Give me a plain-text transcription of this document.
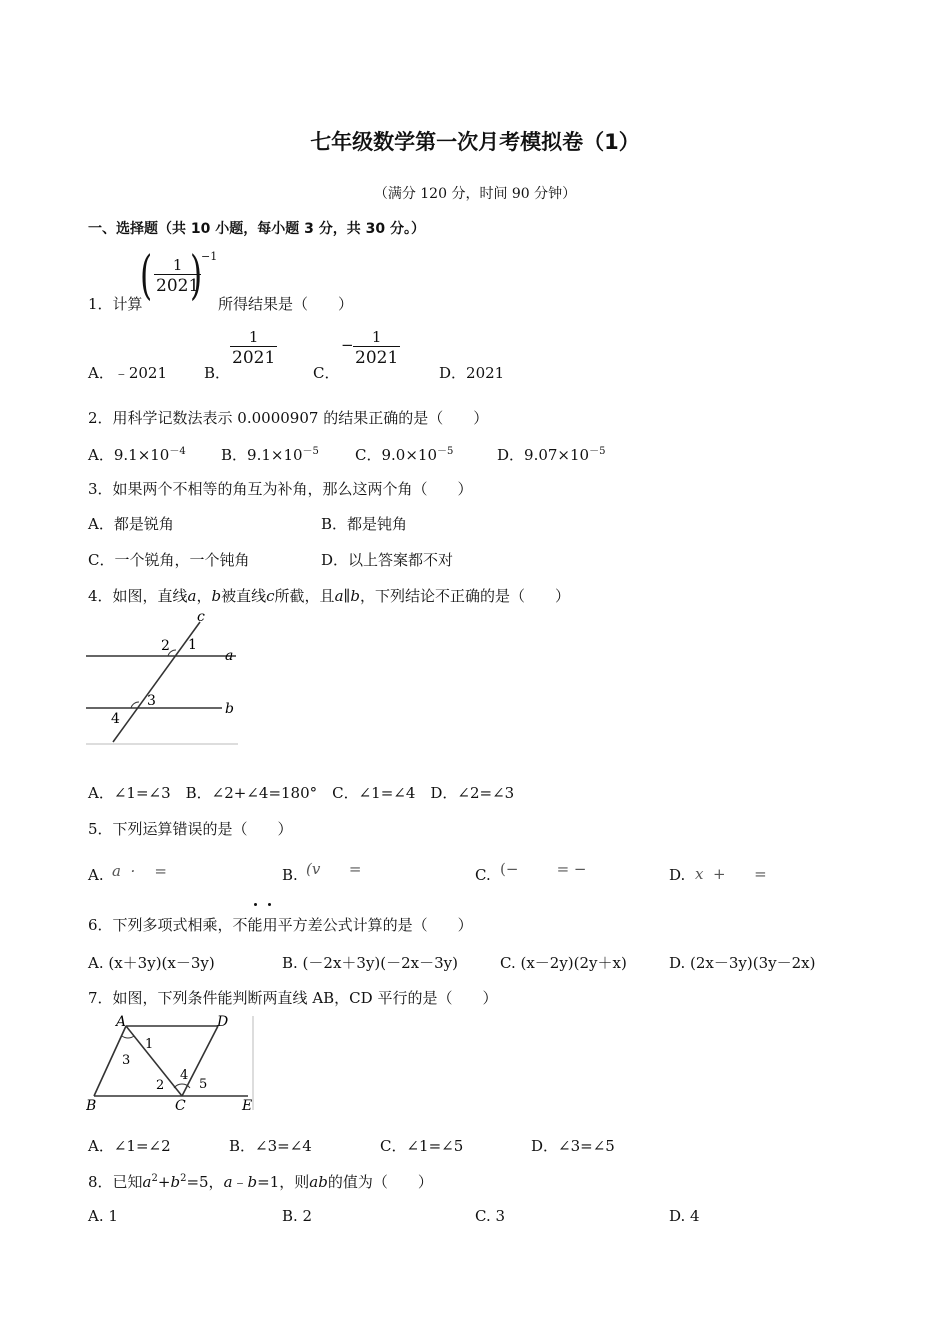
七年级数学第一次月考模拟卷（1）
（满分 120 分，时间 90 分钟）
一、选择题（共 10 小题，每小题 3 分，共 30 分。）
1．计算
( $\frac{1}{2021}$
)
−1
所得结果是（　　）
A．﹣2021 B．
$\frac{1}{2021}$
C．
− $\frac{1}{2021}$
D．2021
2．用科学记数法表示 0.0000907 的结果正确的是（　　）
A．$9.1\times 10^{-4}$ B．$9.1\times 10^{-5}$ C．$9.0\times 10^{-5}$	D．$9.07\times 10^{-5}$
3．如果两个不相等的角互为补角，那么这两个角（　　）
A．都是锐角	B．都是钝角
C．一个锐角，一个钝角	D．以上答案都不对
4．如图，直线a，b被直线c所截，且a∥b，下列结论不正确的是（　　）
c
a
b
2 1
3
4
A．∠1=∠3　B．∠2+∠4=180°　C．∠1=∠4　D．∠2=∠3
5．下列运算错误的是（　　）
A. a  ·    =	B. (v      =	C. (−        = −	D. x  +      =
6．下列多项式相乘，不能用平方差公式计算的是（　　）
A. (x＋3y)(x－3y)	B. (－2x＋3y)(－2x－3y)	C. (x－2y)(2y＋x)	D. (2x－3y)(3y－2x)
7．如图，下列条件能判断两直线 AB，CD 平行的是（　　）
A	D
B	C	E
1
3
2
4
5
A．∠1=∠2	B．∠3=∠4	C．∠1=∠5	D．∠3=∠5
8．已知$a^2+b^2=5$，a﹣b=1，则ab的值为（　　）
A. 1	B. 2	C. 3	D. 4
